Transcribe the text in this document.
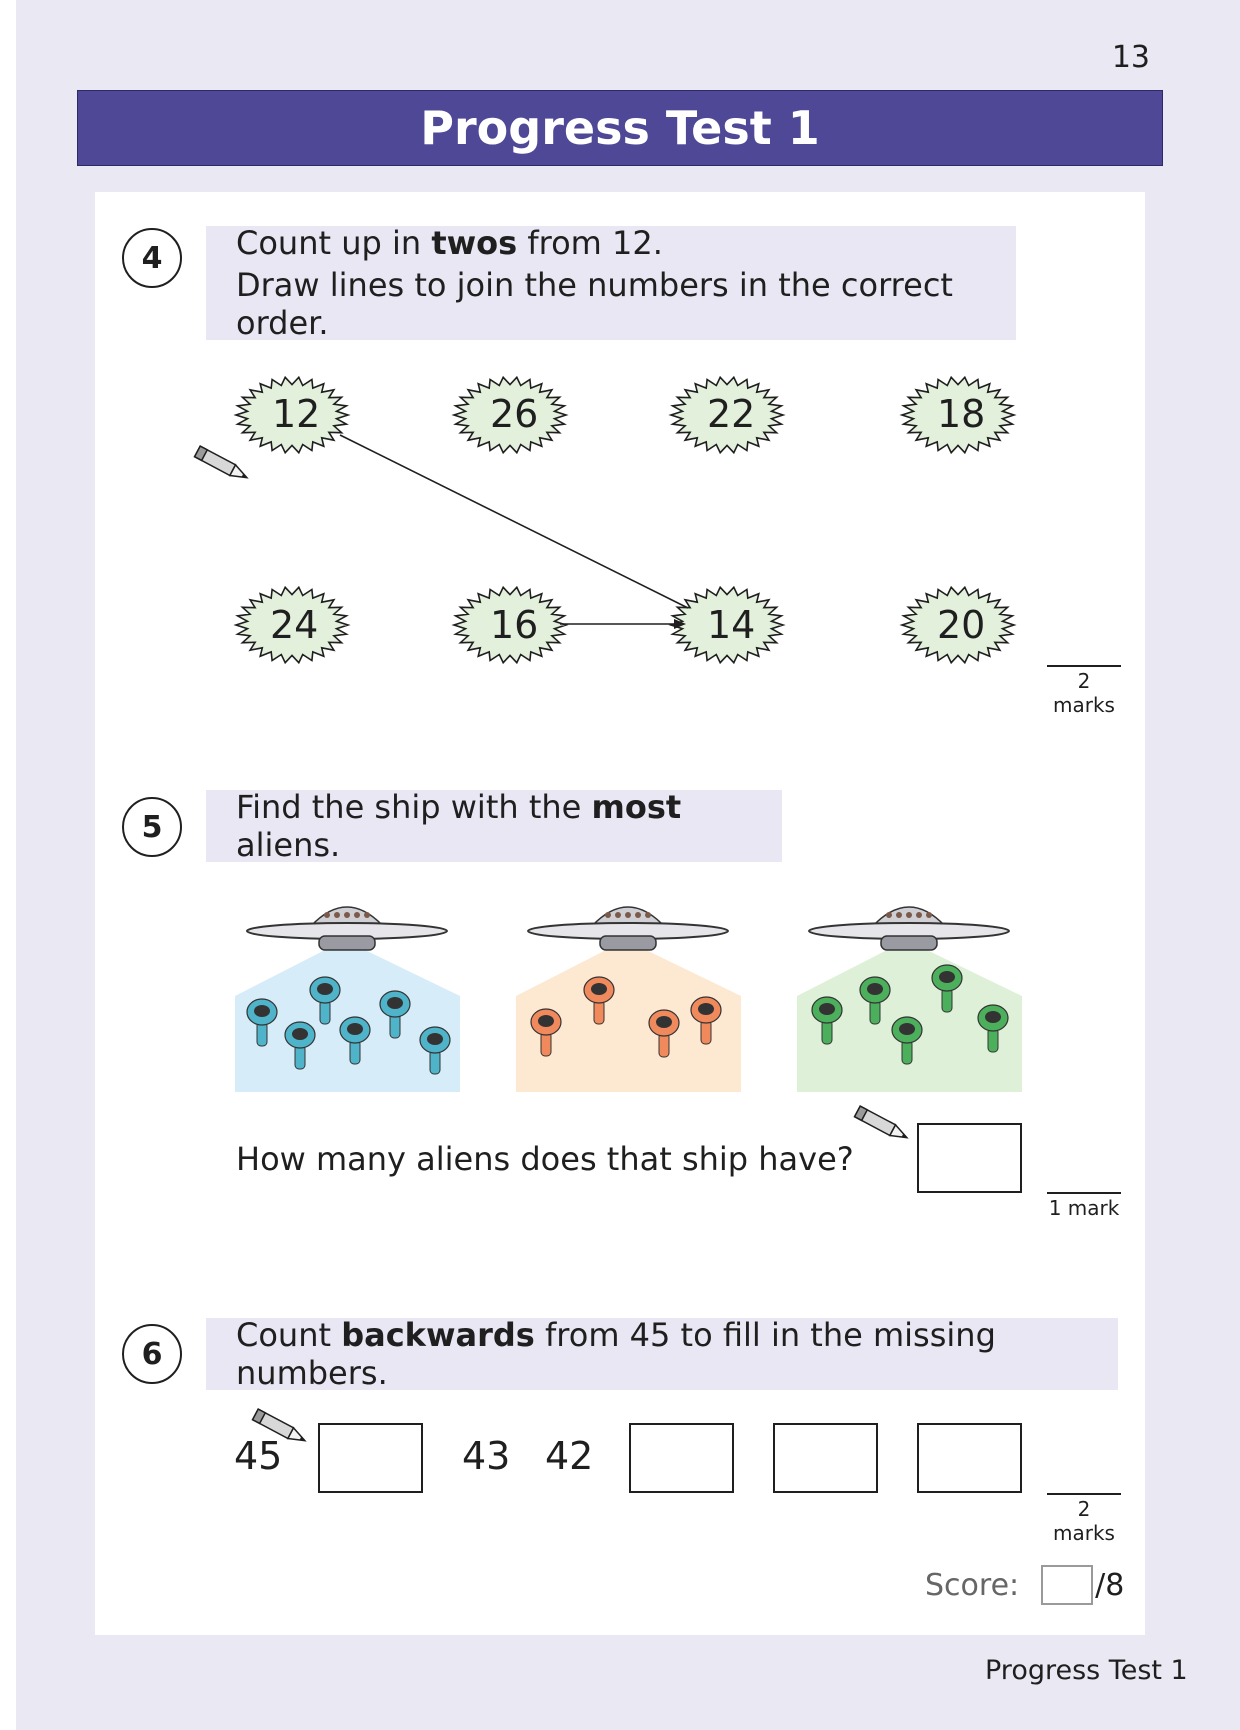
13
Progress Test 1
4	Count up in twos from 12.
Draw lines to join the numbers in the correct order.
12	26	22	18
24	16	14	20
2 marks
5
Find the ship with the most aliens.
How many aliens does that ship have?
1 mark
6	Count backwards from 45 to fill in the missing numbers.
45	43 42
2 marks
Score:	/8
Progress Test 1
